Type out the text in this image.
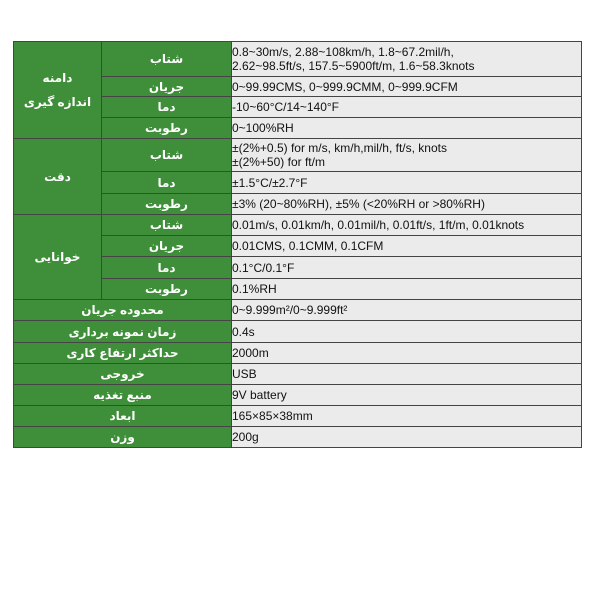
دامنه
اندازه گیری	شتاب	0.8~30m/s, 2.88~108km/h, 1.8~67.2mil/h,
2.62~98.5ft/s, 157.5~5900ft/m, 1.6~58.3knots

	جریان	0~99.99CMS, 0~999.9CMM, 0~999.9CFM
	دما	-10~60°C/14~140°F
	رطوبت	0~100%RH
دقت	شتاب	±(2%+0.5) for m/s, km/h,mil/h, ft/s, knots
±(2%+50) for ft/m

	دما	±1.5°C/±2.7°F
	رطوبت	±3% (20~80%RH), ±5% (<20%RH or >80%RH)
خوانایی	شتاب	0.01m/s, 0.01km/h, 0.01mil/h, 0.01ft/s, 1ft/m, 0.01knots
	جریان	0.01CMS, 0.1CMM, 0.1CFM
	دما	0.1°C/0.1°F
	رطوبت	0.1%RH
محدوده جریان		0~9.999m²/0~9.999ft²
زمان نمونه برداری		0.4s
حداکثر ارتفاع کاری		2000m
خروجی		USB
منبع تغذیه		9V battery
ابعاد		165×85×38mm
وزن		200g
